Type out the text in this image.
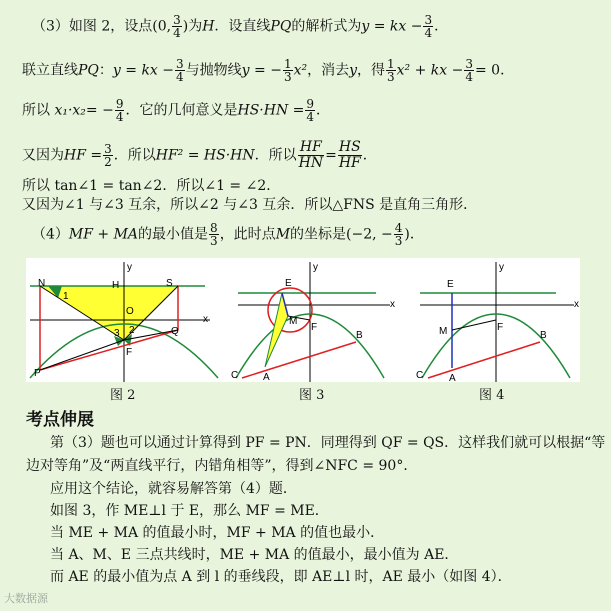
（3）如图 2，设点(0, $\frac{3}{4}$ )为H．设直线PQ的解析式为y = kx − $\frac{3}{4}$ ．
联立直线PQ：y = kx − $\frac{3}{4}$ 与抛物线y = − $\frac{1}{3} x^2$，消去y，得 $\frac{1}{3} x^2$ + kx − $\frac{3}{4} = 0$．
所以 $x_1\cdot x_2= - \frac{9}{4}$ ．它的几何意义是$HS\cdot HN = \frac{9}{4}$ ．
又因为HF = $\frac{3}{2}$ ．所以HF² = HS·HN．所以 $\frac{HF}{HN} = \frac{HS}{HF}$ ．
所以 tan∠1 = tan∠2．所以∠1 = ∠2．
又因为∠1 与∠3 互余，所以∠2 与∠3 互余．所以△FNS 是直角三角形．
（4）MF + MA的最小值是 $\frac{8}{3}$ ，此时点M的坐标是(−2, − $\frac{4}{3}$ )．
N	H	S
O
x
y
1
2
3	Q
F
P
E
y
x
M
F
B
A
C
E
y
x
M	F
B
A
C
图 2	图 3	图 4
考点伸展
第（3）题也可以通过计算得到 PF = PN．同理得到 QF = QS．这样我们就可以根据“等
边对等角”及“两直线平行，内错角相等”，得到∠NFC = 90°．
应用这个结论，就容易解答第（4）题．
如图 3，作 ME⊥l 于 E，那么 MF = ME．
当 ME + MA 的值最小时，MF + MA 的值也最小．
当 A、M、E 三点共线时，ME + MA 的值最小，最小值为 AE．
而 AE 的最小值为点 A 到 l 的垂线段，即 AE⊥l 时，AE 最小（如图 4）．
大数据源
